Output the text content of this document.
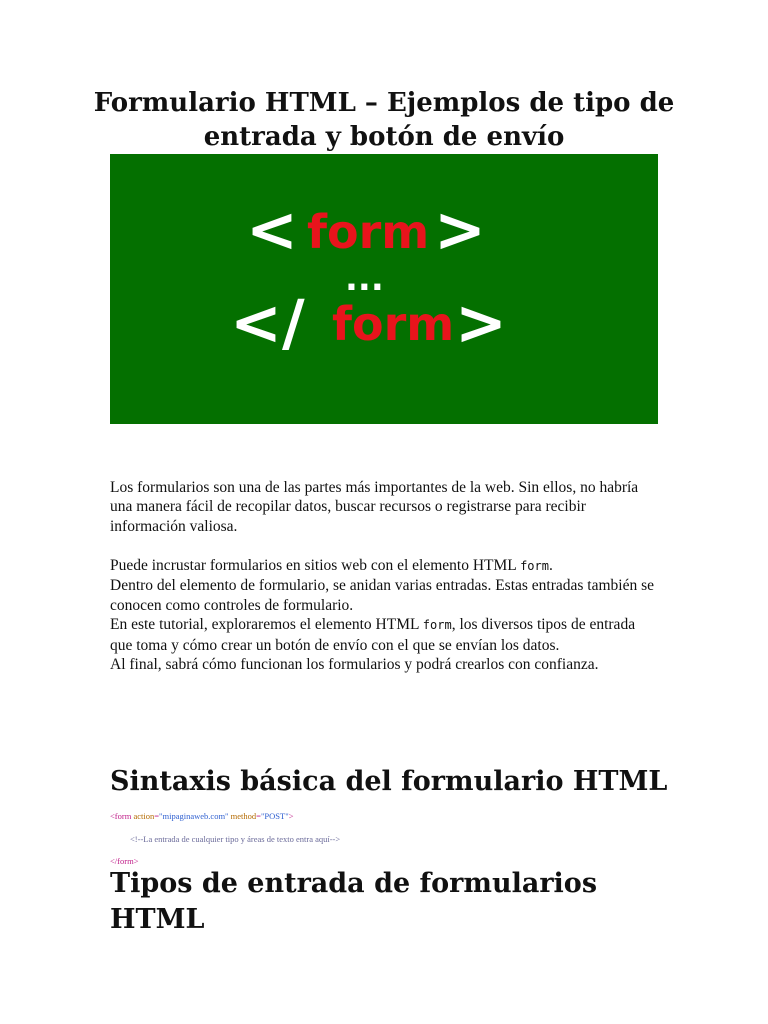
Formulario HTML – Ejemplos de tipo de entrada y botón de envío
< form >
...
</ form >

Los formularios son una de las partes más importantes de la web. Sin ellos, no habría una manera fácil de recopilar datos, buscar recursos o registrarse para recibir información valiosa.

Puede incrustar formularios en sitios web con el elemento HTML form.
Dentro del elemento de formulario, se anidan varias entradas. Estas entradas también se conocen como controles de formulario.
En este tutorial, exploraremos el elemento HTML form, los diversos tipos de entrada que toma y cómo crear un botón de envío con el que se envían los datos.
Al final, sabrá cómo funcionan los formularios y podrá crearlos con confianza.

Sintaxis básica del formulario HTML
<form action="mipaginaweb.com" method="POST">
<!--La entrada de cualquier tipo y áreas de texto entra aquí-->
</form>
Tipos de entrada de formularios HTML
